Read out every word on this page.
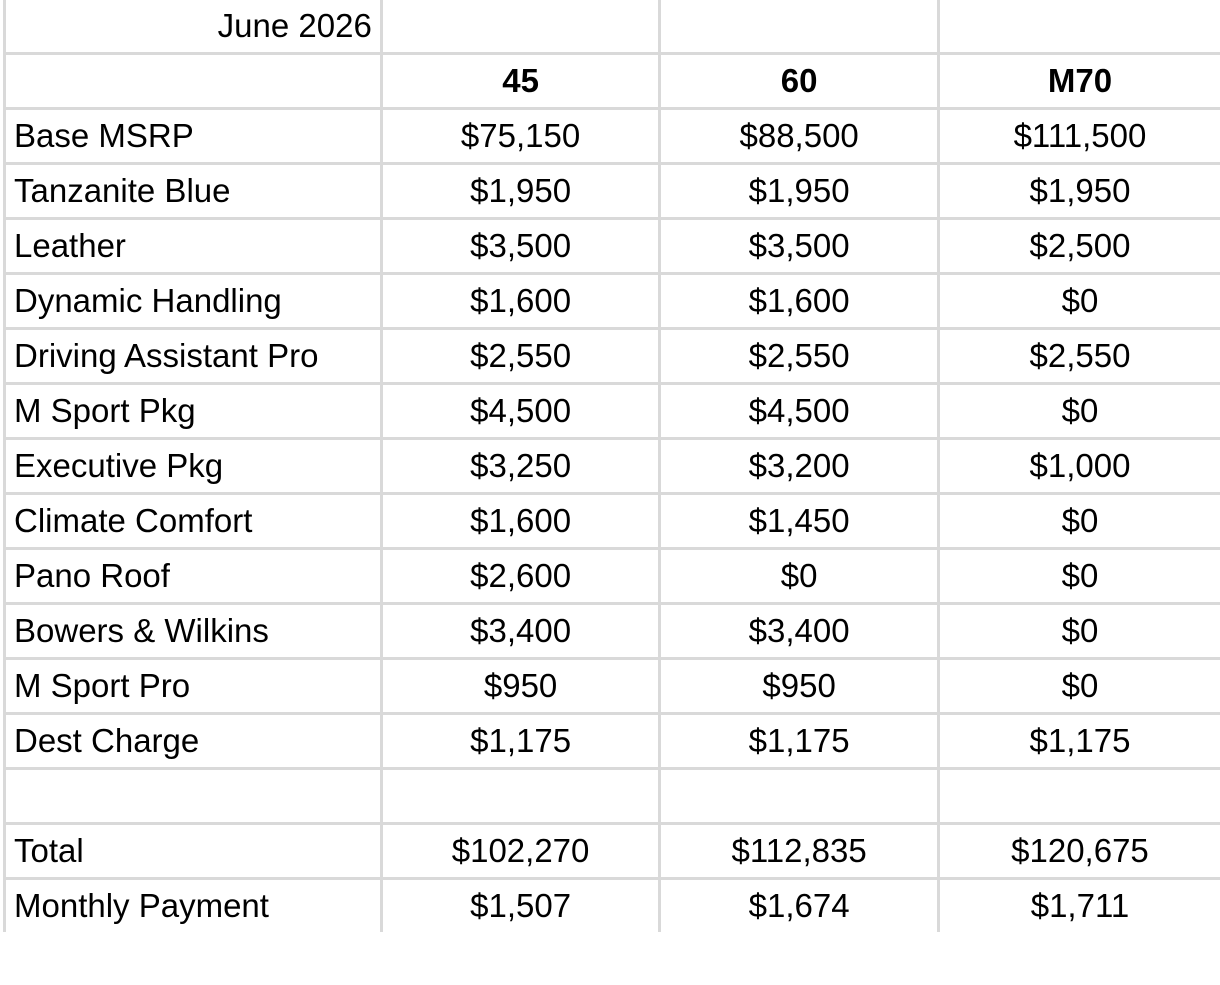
June 2026			
	45	60	M70
Base MSRP	$75,150	$88,500	$111,500
Tanzanite Blue	$1,950	$1,950	$1,950
Leather	$3,500	$3,500	$2,500
Dynamic Handling	$1,600	$1,600	$0
Driving Assistant Pro	$2,550	$2,550	$2,550
M Sport Pkg	$4,500	$4,500	$0
Executive Pkg	$3,250	$3,200	$1,000
Climate Comfort	$1,600	$1,450	$0
Pano Roof	$2,600	$0	$0
Bowers & Wilkins	$3,400	$3,400	$0
M Sport Pro	$950	$950	$0
Dest Charge	$1,175	$1,175	$1,175

Total	$102,270	$112,835	$120,675
Monthly Payment	$1,507	$1,674	$1,711
